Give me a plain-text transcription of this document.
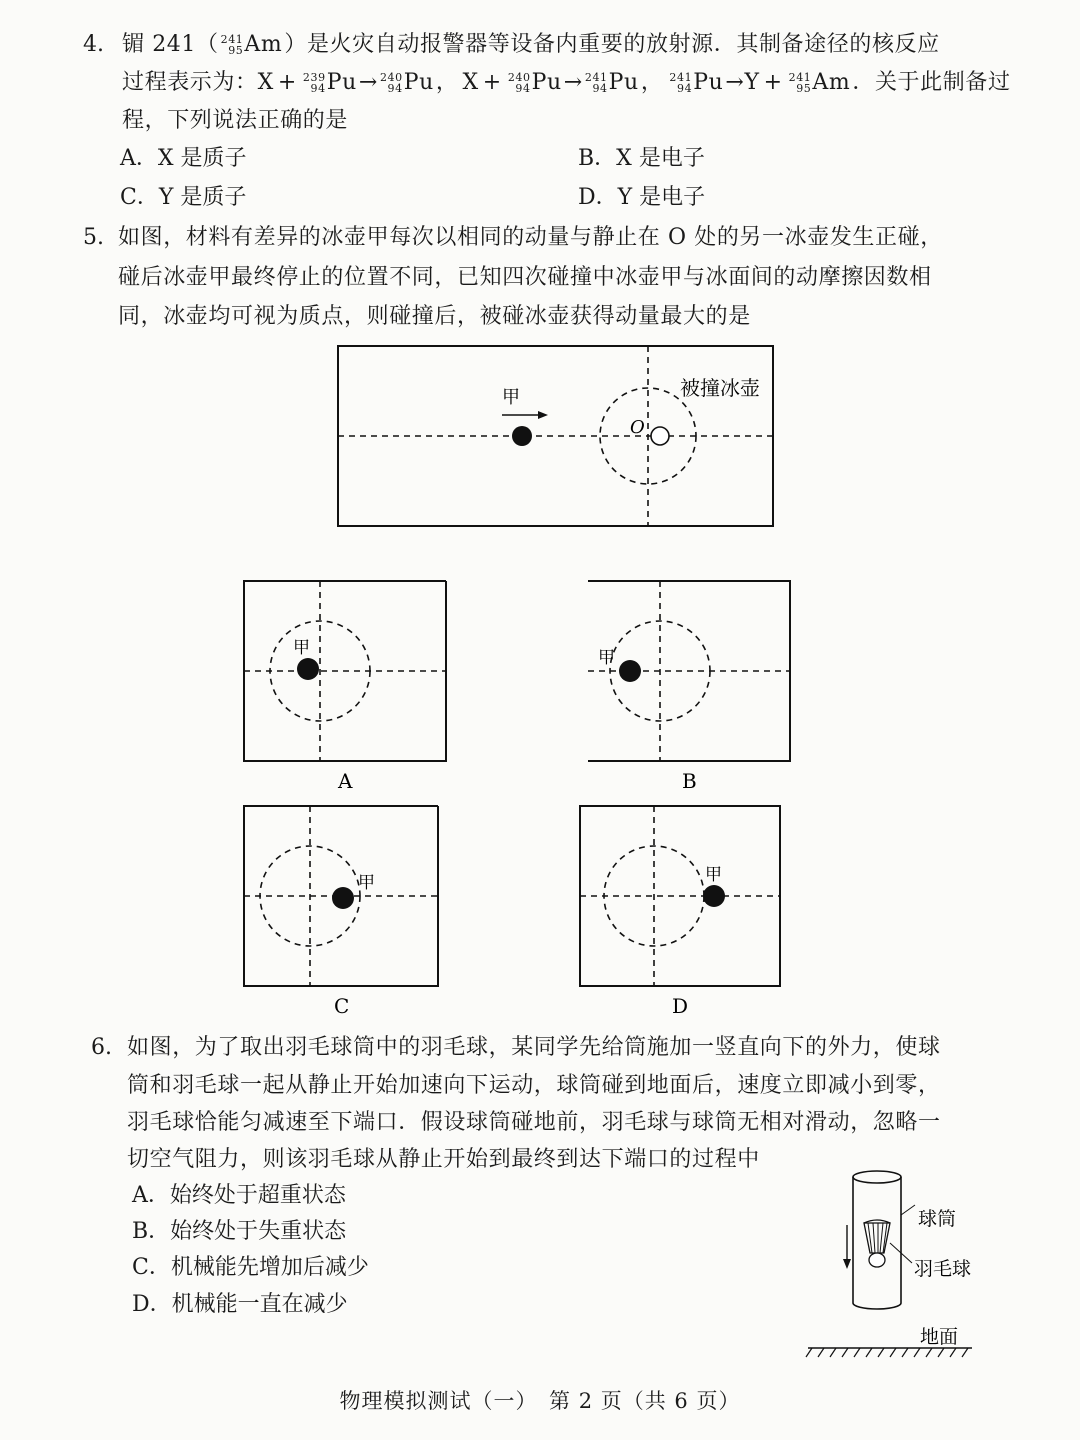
4. 镅 241（ 241
95 Am ）是火灾自动报警器等设备内重要的放射源．其制备途径的核反应
过程表示为：X + 239
94 Pu → 240
94 Pu ， X + 240
94 Pu → 241
94 Pu ， 241
94 Pu →Y + 241
95 Am ．关于此制备过
程，下列说法正确的是
A．X 是质子	B．X 是电子
C．Y 是质子	D．Y 是电子
5. 如图，材料有差异的冰壶甲每次以相同的动量与静止在 O 处的另一冰壶发生正碰，
碰后冰壶甲最终停止的位置不同，已知四次碰撞中冰壶甲与冰面间的动摩擦因数相
同，冰壶均可视为质点，则碰撞后，被碰冰壶获得动量最大的是
甲
O
被撞冰壶
甲
A
甲
B
甲
C
甲
D
6. 如图，为了取出羽毛球筒中的羽毛球，某同学先给筒施加一竖直向下的外力，使球
筒和羽毛球一起从静止开始加速向下运动，球筒碰到地面后，速度立即减小到零，
羽毛球恰能匀减速至下端口．假设球筒碰地前，羽毛球与球筒无相对滑动，忽略一
切空气阻力，则该羽毛球从静止开始到最终到达下端口的过程中
A．始终处于超重状态
B．始终处于失重状态
C．机械能先增加后减少
D．机械能一直在减少
球筒
羽毛球
地面
物理模拟测试（一）　第 2 页（共 6 页）
